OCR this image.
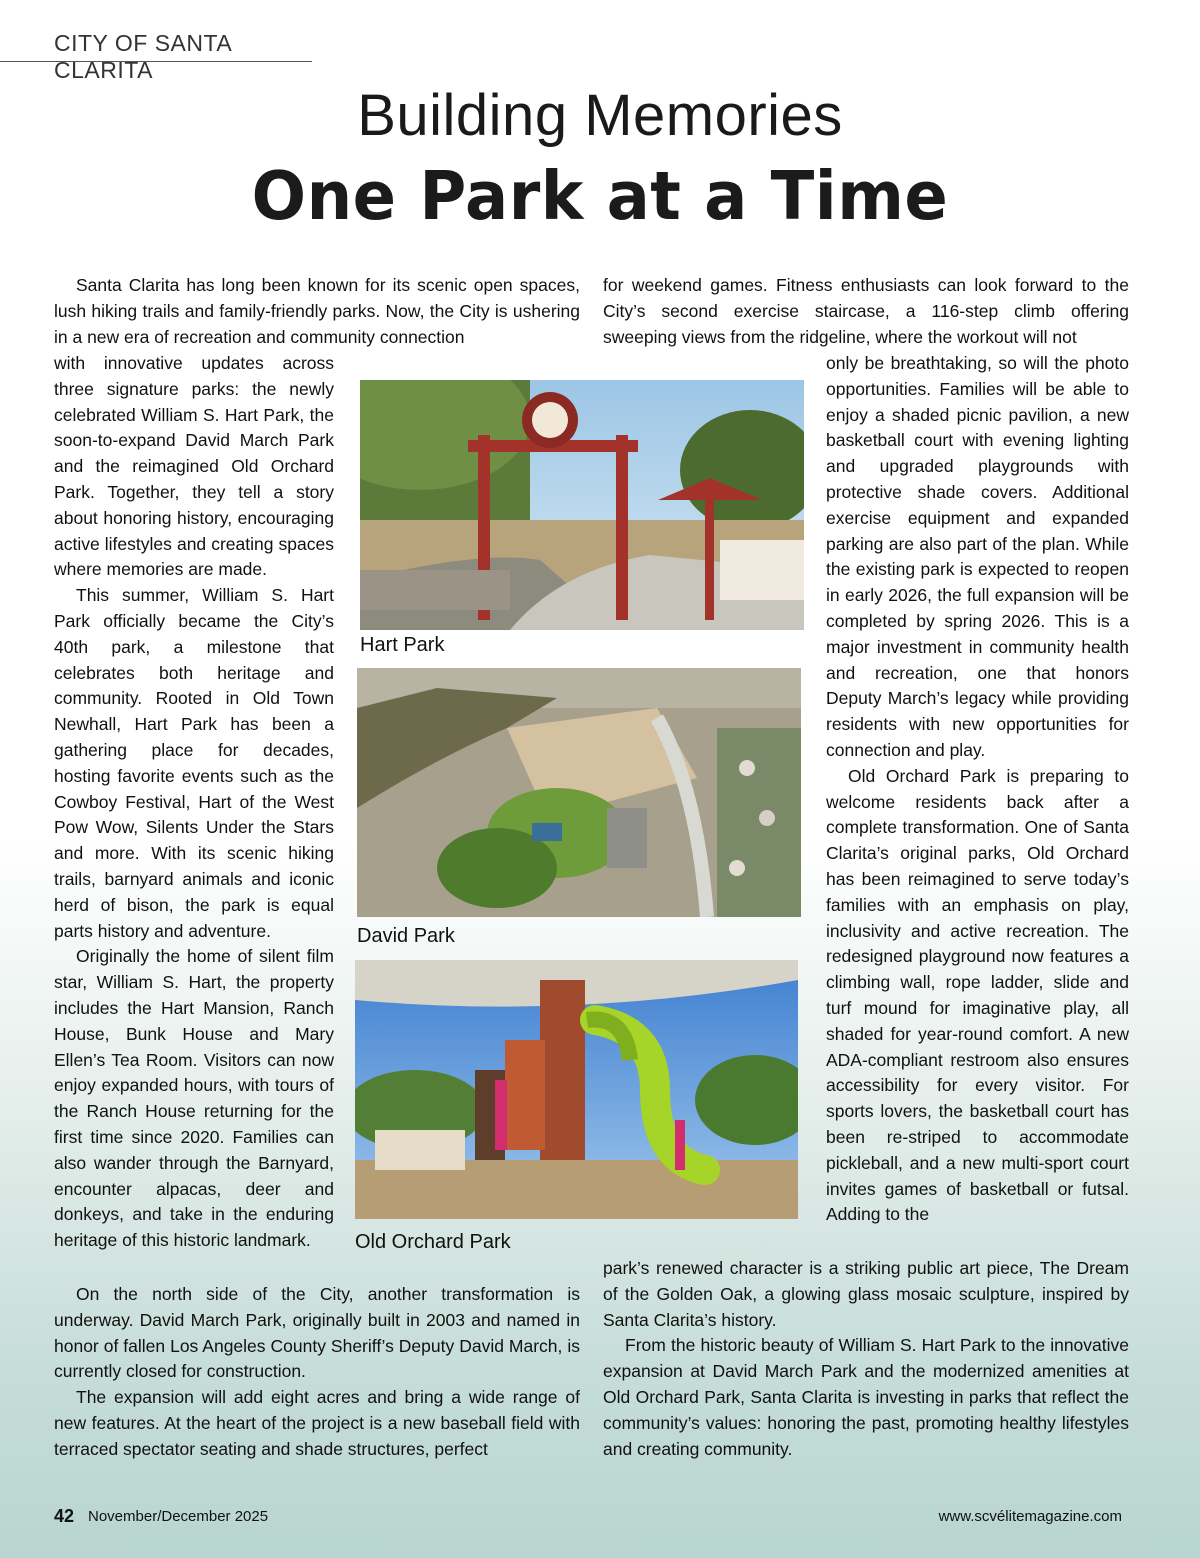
CITY OF SANTA CLARITA
Building Memories
One Park at a Time

Santa Clarita has long been known for its scenic open spaces, lush hiking trails and family-friendly parks. Now, the City is ushering in a new era of recreation and community connection

with innovative updates across three signature parks: the newly celebrated William S. Hart Park, the soon-to-expand David March Park and the reimagined Old Orchard Park. Together, they tell a story about honoring history, encouraging active lifestyles and creating spaces where memories are made.

This summer, William S. Hart Park officially became the City’s 40th park, a milestone that celebrates both heritage and community. Rooted in Old Town Newhall, Hart Park has been a gathering place for decades, hosting favorite events such as the Cowboy Festival, Hart of the West Pow Wow, Silents Under the Stars and more. With its scenic hiking trails, barnyard animals and iconic herd of bison, the park is equal parts history and adventure.

Originally the home of silent film star, William S. Hart, the property includes the Hart Mansion, Ranch House, Bunk House and Mary Ellen’s Tea Room. Visitors can now enjoy expanded hours, with tours of the Ranch House returning for the first time since 2020. Families can also wander through the Barnyard, encounter alpacas, deer and donkeys, and take in the enduring heritage of this historic landmark.

On the north side of the City, another transformation is underway. David March Park, originally built in 2003 and named in honor of fallen Los Angeles County Sheriff’s Deputy David March, is currently closed for construction.

The expansion will add eight acres and bring a wide range of new features. At the heart of the project is a new baseball field with terraced spectator seating and shade structures, perfect

for weekend games. Fitness enthusiasts can look forward to the City’s second exercise staircase, a 116-step climb offering sweeping views from the ridgeline, where the workout will not

only be breathtaking, so will the photo opportunities. Families will be able to enjoy a shaded picnic pavilion, a new basketball court with evening lighting and upgraded playgrounds with protective shade covers. Additional exercise equipment and expanded parking are also part of the plan. While the existing park is expected to reopen in early 2026, the full expansion will be completed by spring 2026. This is a major investment in community health and recreation, one that honors Deputy March’s legacy while providing residents with new opportunities for connection and play.

Old Orchard Park is preparing to welcome residents back after a complete transformation. One of Santa Clarita’s original parks, Old Orchard has been reimagined to serve today’s families with an emphasis on play, inclusivity and active recreation. The redesigned playground now features a climbing wall, rope ladder, slide and turf mound for imaginative play, all shaded for year-round comfort. A new ADA-compliant restroom also ensures accessibility for every visitor. For sports lovers, the basketball court has been re-striped to accommodate pickleball, and a new multi-sport court invites games of basketball or futsal. Adding to the

park’s renewed character is a striking public art piece, The Dream of the Golden Oak, a glowing glass mosaic sculpture, inspired by Santa Clarita’s history.

From the historic beauty of William S. Hart Park to the innovative expansion at David March Park and the modernized amenities at Old Orchard Park, Santa Clarita is investing in parks that reflect the community’s values: honoring the past, promoting healthy lifestyles and creating community.

Hart Park
David Park
Old Orchard Park
42 November/December 2025	www.scvélitemagazine.com
